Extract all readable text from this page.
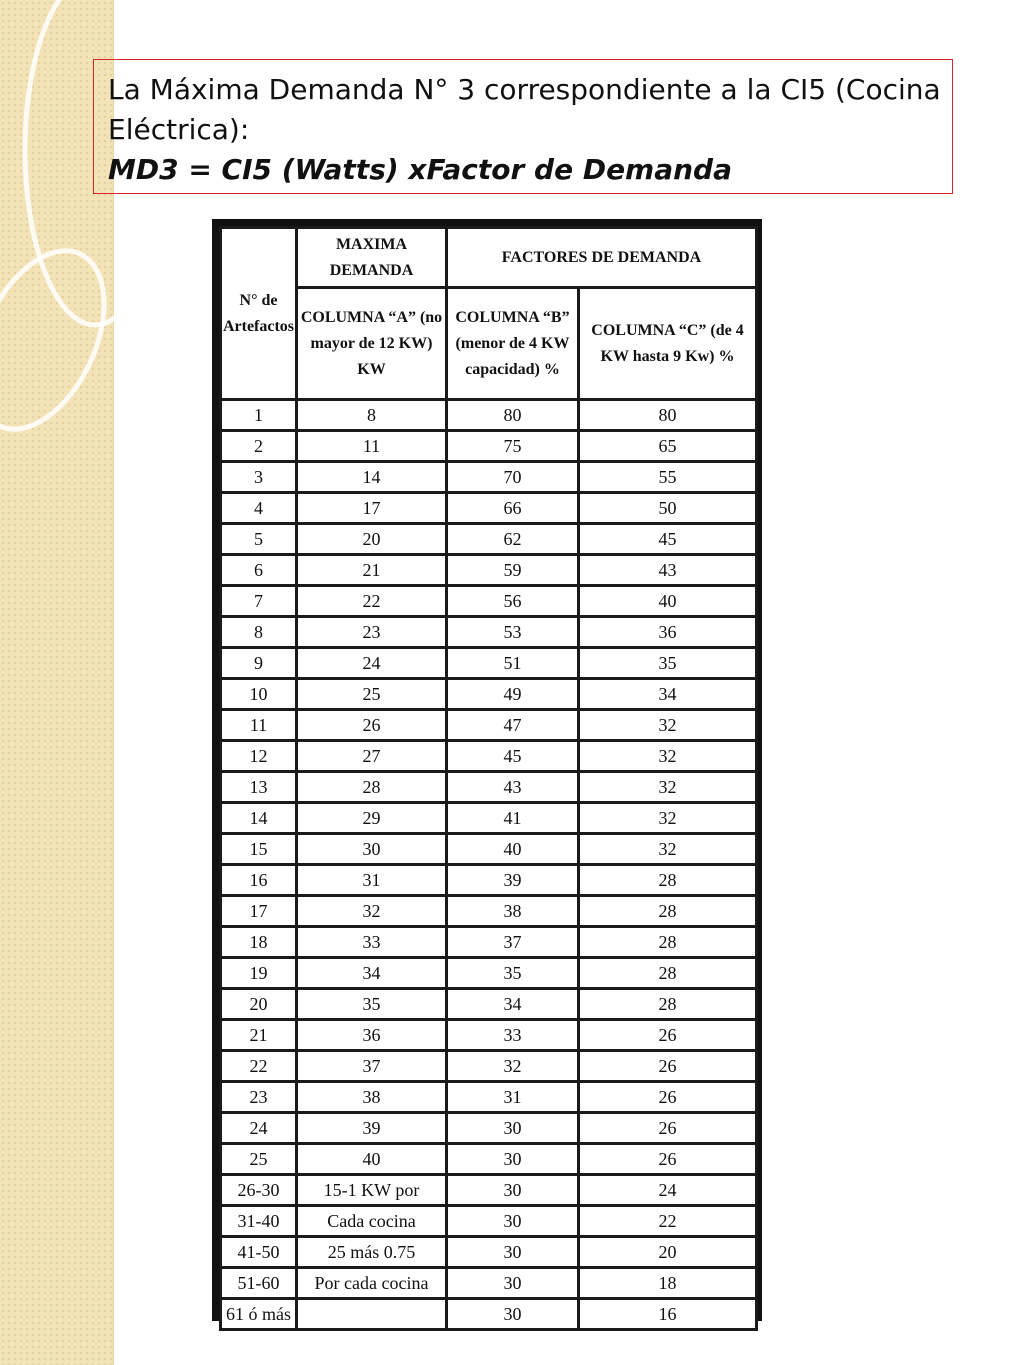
La Máxima Demanda N° 3 correspondiente a la CI5 (Cocina

Eléctrica):

MD3 = CI5 (Watts) xFactor de Demanda

N° de Artefactos	MAXIMA DEMANDA	FACTORES DE DEMANDA	
	COLUMNA “A” (no mayor de 12 KW) KW	COLUMNA “B” (menor de 4 KW capacidad) %	COLUMNA “C” (de 4 KW hasta 9 Kw) %
1	8	80	80
2	11	75	65
3	14	70	55
4	17	66	50
5	20	62	45
6	21	59	43
7	22	56	40
8	23	53	36
9	24	51	35
10	25	49	34
11	26	47	32
12	27	45	32
13	28	43	32
14	29	41	32
15	30	40	32
16	31	39	28
17	32	38	28
18	33	37	28
19	34	35	28
20	35	34	28
21	36	33	26
22	37	32	26
23	38	31	26
24	39	30	26
25	40	30	26
26-30	15-1 KW por	30	24
31-40	Cada cocina	30	22
41-50	25 más 0.75	30	20
51-60	Por cada cocina	30	18
61 ó más		30	16
